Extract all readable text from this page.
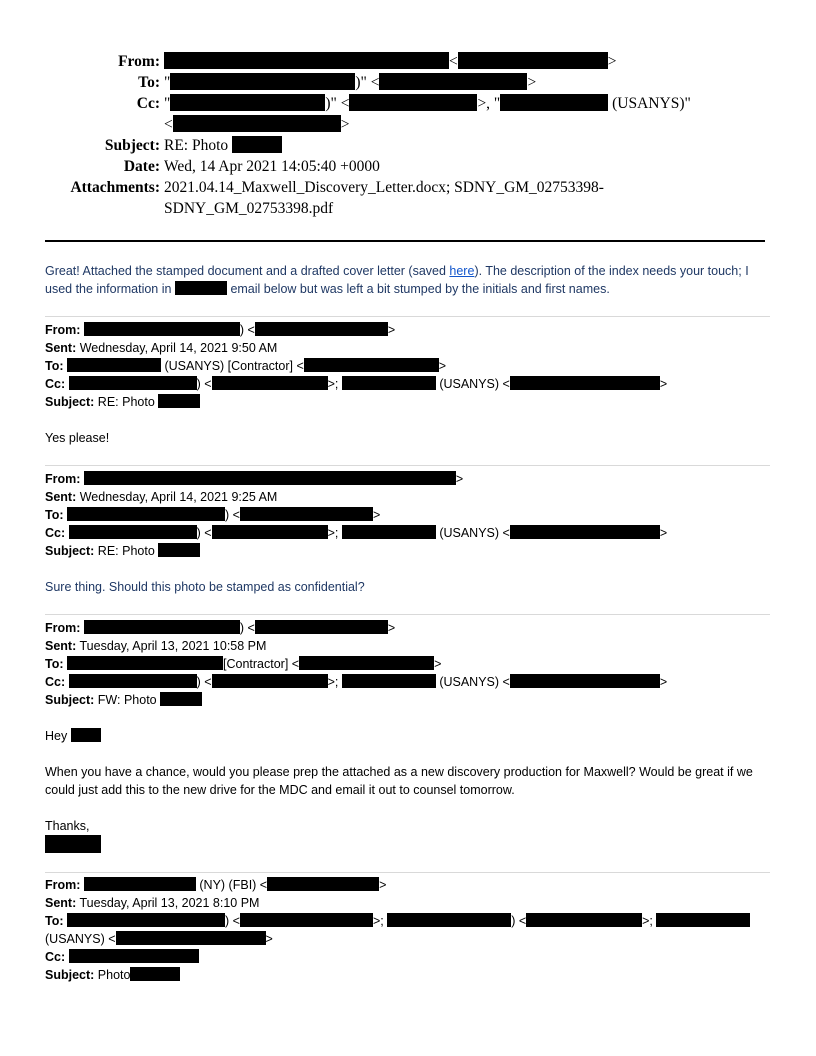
From:	<	>
To: "	)" <	>
Cc: "	)" <	>, "	(USANYS)"
<	>
Subject: RE: Photo
Date: Wed, 14 Apr 2021 14:05:40 +0000
Attachments: 2021.04.14_Maxwell_Discovery_Letter.docx; SDNY_GM_02753398-
SDNY_GM_02753398.pdf
Great! Attached the stamped document and a drafted cover letter (saved here). The description of the index needs your touch; I used the information in	email below but was left a bit stumped by the initials and first names.
From:	) <	>
Sent: Wednesday, April 14, 2021 9:50 AM
To:	(USANYS) [Contractor] <	>
Cc:	) <	>;	(USANYS) <	>
Subject: RE: Photo
Yes please!
From:	>
Sent: Wednesday, April 14, 2021 9:25 AM
To:	) <	>
Cc:	) <	>;	(USANYS) <	>
Subject: RE: Photo
Sure thing. Should this photo be stamped as confidential?
From:	) <	>
Sent: Tuesday, April 13, 2021 10:58 PM
To:	[Contractor] <	>
Cc:	) <	>;	(USANYS) <	>
Subject: FW: Photo
Hey
When you have a chance, would you please prep the attached as a new discovery production for Maxwell? Would be great if we could just add this to the new drive for the MDC and email it out to counsel tomorrow.
Thanks,
From:	(NY) (FBI) <	>
Sent: Tuesday, April 13, 2021 8:10 PM
To:	) <	>;	) <	>;
(USANYS) <	>
Cc:
Subject: Photo
